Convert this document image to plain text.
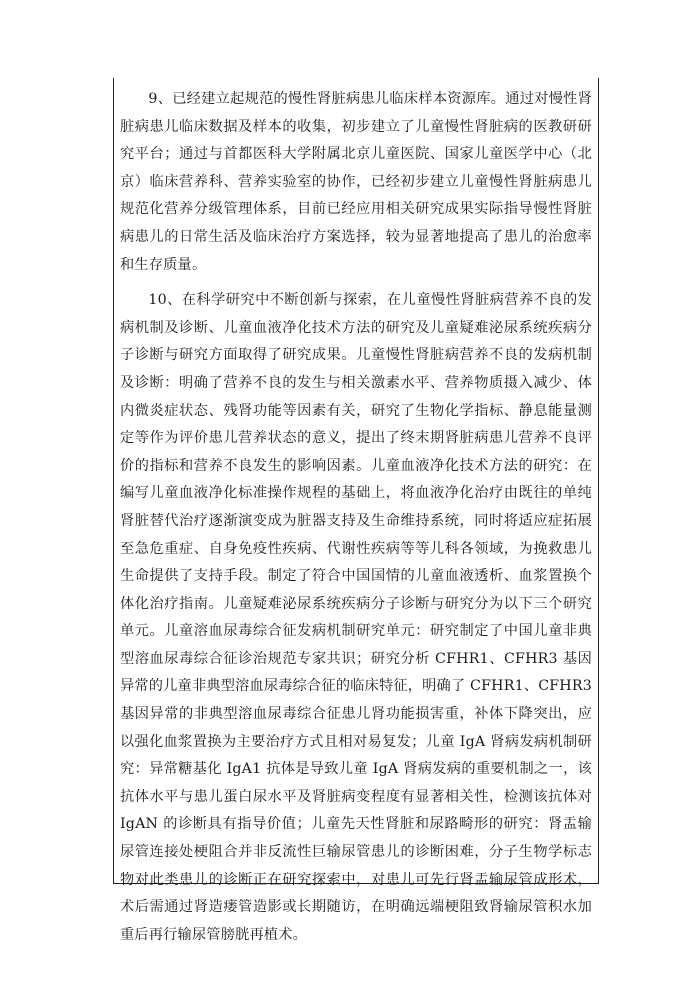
9、已经建立起规范的慢性肾脏病患儿临床样本资源库。通过对慢性肾脏病患儿临床数据及样本的收集，初步建立了儿童慢性肾脏病的医教研研究平台；通过与首都医科大学附属北京儿童医院、国家儿童医学中心（北京）临床营养科、营养实验室的协作，已经初步建立儿童慢性肾脏病患儿规范化营养分级管理体系，目前已经应用相关研究成果实际指导慢性肾脏病患儿的日常生活及临床治疗方案选择，较为显著地提高了患儿的治愈率和生存质量。

10、在科学研究中不断创新与探索，在儿童慢性肾脏病营养不良的发病机制及诊断、儿童血液净化技术方法的研究及儿童疑难泌尿系统疾病分子诊断与研究方面取得了研究成果。儿童慢性肾脏病营养不良的发病机制及诊断：明确了营养不良的发生与相关激素水平、营养物质摄入减少、体内微炎症状态、残肾功能等因素有关，研究了生物化学指标、静息能量测定等作为评价患儿营养状态的意义，提出了终末期肾脏病患儿营养不良评价的指标和营养不良发生的影响因素。儿童血液净化技术方法的研究：在编写儿童血液净化标准操作规程的基础上，将血液净化治疗由既往的单纯肾脏替代治疗逐渐演变成为脏器支持及生命维持系统，同时将适应症拓展至急危重症、自身免疫性疾病、代谢性疾病等等儿科各领域，为挽救患儿生命提供了支持手段。制定了符合中国国情的儿童血液透析、血浆置换个体化治疗指南。儿童疑难泌尿系统疾病分子诊断与研究分为以下三个研究单元。儿童溶血尿毒综合征发病机制研究单元：研究制定了中国儿童非典型溶血尿毒综合征诊治规范专家共识；研究分析 CFHR1、CFHR3 基因异常的儿童非典型溶血尿毒综合征的临床特征，明确了 CFHR1、CFHR3 基因异常的非典型溶血尿毒综合征患儿肾功能损害重，补体下降突出，应以强化血浆置换为主要治疗方式且相对易复发；儿童 IgA 肾病发病机制研究：异常糖基化 IgA1 抗体是导致儿童 IgA 肾病发病的重要机制之一，该抗体水平与患儿蛋白尿水平及肾脏病变程度有显著相关性，检测该抗体对 IgAN 的诊断具有指导价值；儿童先天性肾脏和尿路畸形的研究：肾盂输尿管连接处梗阻合并非反流性巨输尿管患儿的诊断困难，分子生物学标志物对此类患儿的诊断正在研究探索中，对患儿可先行肾盂输尿管成形术，术后需通过肾造瘘管造影或长期随访，在明确远端梗阻致肾输尿管积水加重后再行输尿管膀胱再植术。
